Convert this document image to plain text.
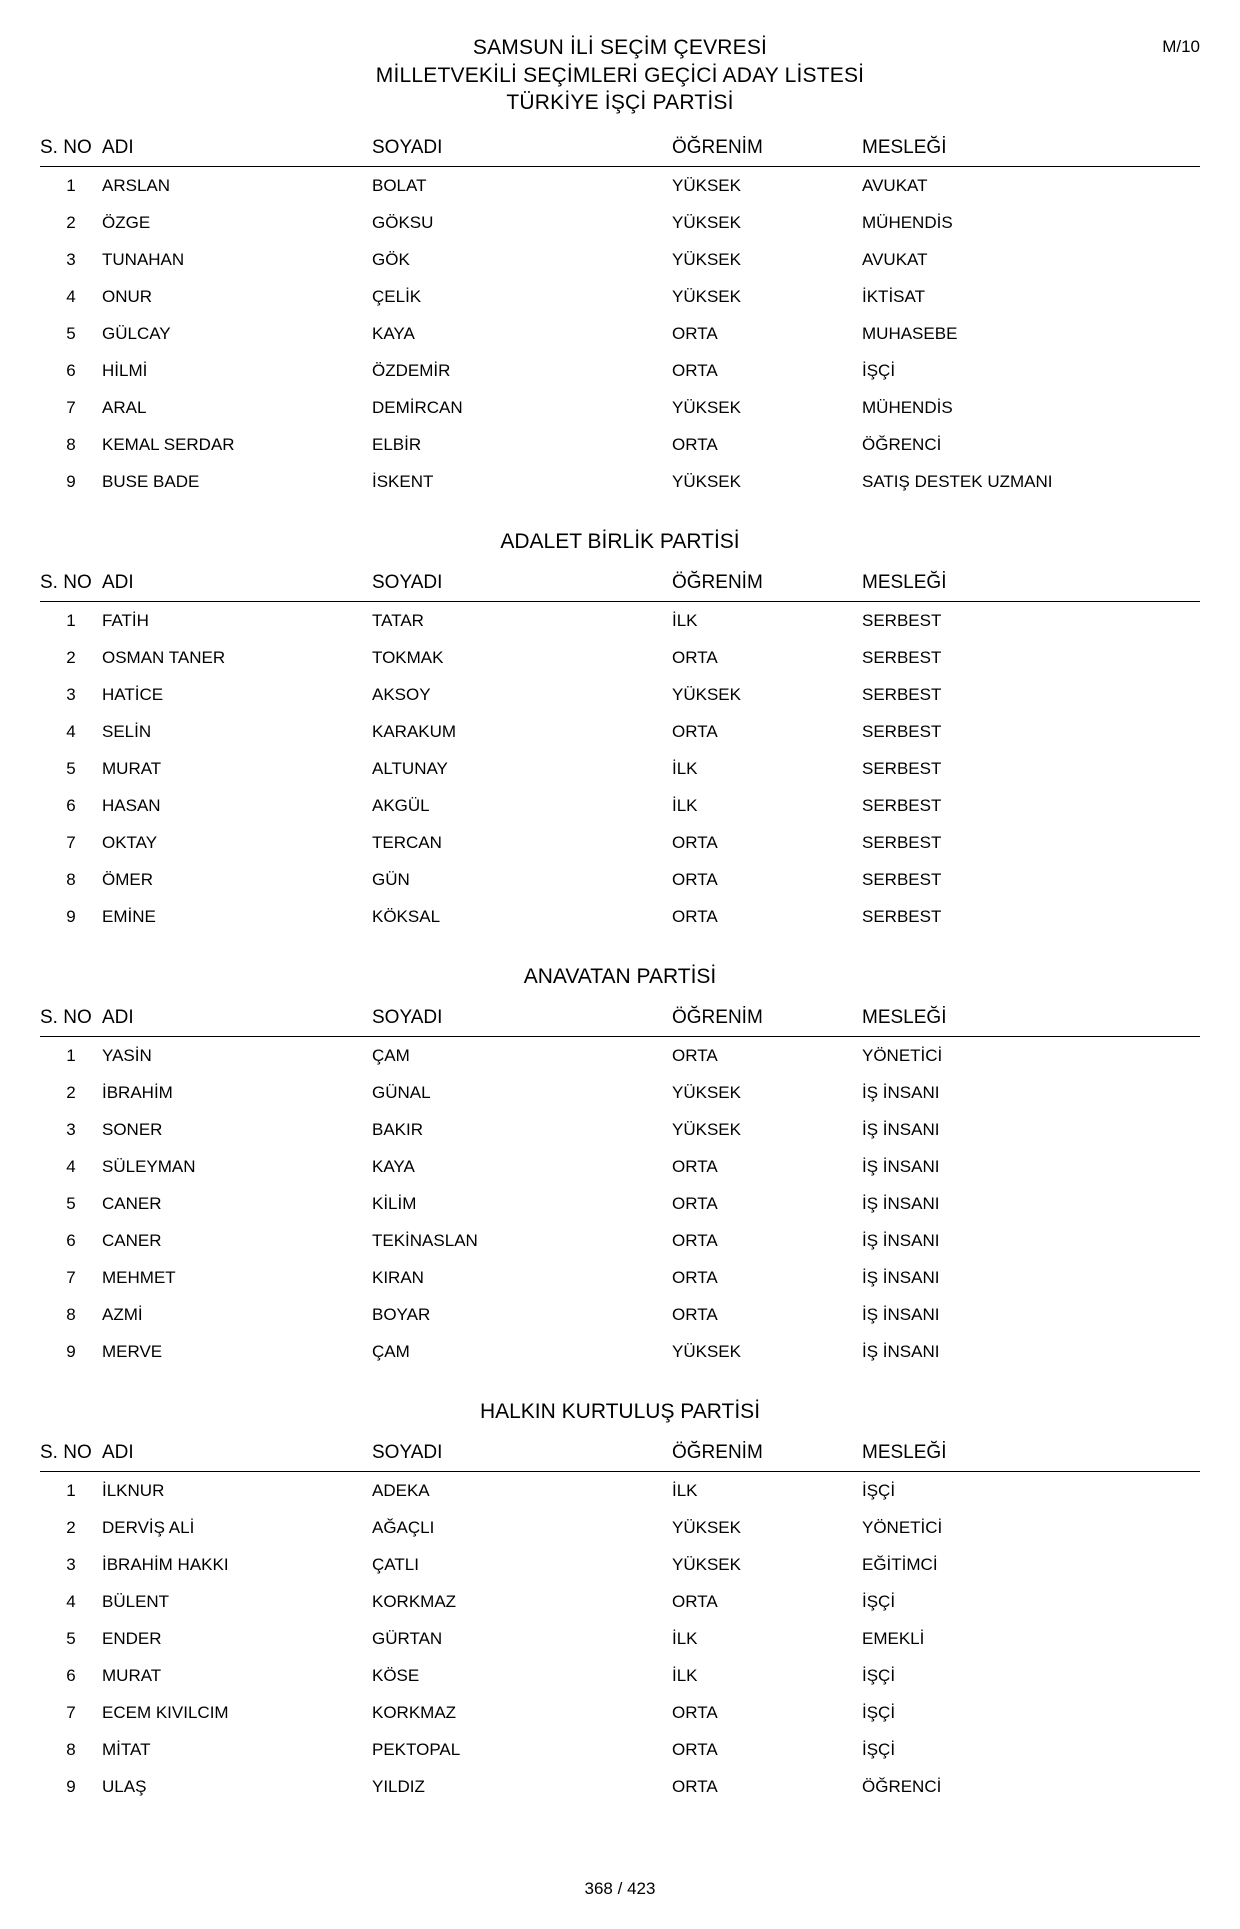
M/10
SAMSUN İLİ SEÇİM ÇEVRESİ
MİLLETVEKİLİ SEÇİMLERİ GEÇİCİ ADAY LİSTESİ
TÜRKİYE İŞÇİ PARTİSİ
S. NO	ADI	SOYADI	ÖĞRENİM	MESLEĞİ
1	ARSLAN	BOLAT	YÜKSEK	AVUKAT
2	ÖZGE	GÖKSU	YÜKSEK	MÜHENDİS
3	TUNAHAN	GÖK	YÜKSEK	AVUKAT
4	ONUR	ÇELİK	YÜKSEK	İKTİSAT
5	GÜLCAY	KAYA	ORTA	MUHASEBE
6	HİLMİ	ÖZDEMİR	ORTA	İŞÇİ
7	ARAL	DEMİRCAN	YÜKSEK	MÜHENDİS
8	KEMAL SERDAR	ELBİR	ORTA	ÖĞRENCİ
9	BUSE BADE	İSKENT	YÜKSEK	SATIŞ DESTEK UZMANI
ADALET BİRLİK PARTİSİ
S. NO	ADI	SOYADI	ÖĞRENİM	MESLEĞİ
1	FATİH	TATAR	İLK	SERBEST
2	OSMAN TANER	TOKMAK	ORTA	SERBEST
3	HATİCE	AKSOY	YÜKSEK	SERBEST
4	SELİN	KARAKUM	ORTA	SERBEST
5	MURAT	ALTUNAY	İLK	SERBEST
6	HASAN	AKGÜL	İLK	SERBEST
7	OKTAY	TERCAN	ORTA	SERBEST
8	ÖMER	GÜN	ORTA	SERBEST
9	EMİNE	KÖKSAL	ORTA	SERBEST
ANAVATAN PARTİSİ
S. NO	ADI	SOYADI	ÖĞRENİM	MESLEĞİ
1	YASİN	ÇAM	ORTA	YÖNETİCİ
2	İBRAHİM	GÜNAL	YÜKSEK	İŞ İNSANI
3	SONER	BAKIR	YÜKSEK	İŞ İNSANI
4	SÜLEYMAN	KAYA	ORTA	İŞ İNSANI
5	CANER	KİLİM	ORTA	İŞ İNSANI
6	CANER	TEKİNASLAN	ORTA	İŞ İNSANI
7	MEHMET	KIRAN	ORTA	İŞ İNSANI
8	AZMİ	BOYAR	ORTA	İŞ İNSANI
9	MERVE	ÇAM	YÜKSEK	İŞ İNSANI
HALKIN KURTULUŞ PARTİSİ
S. NO	ADI	SOYADI	ÖĞRENİM	MESLEĞİ
1	İLKNUR	ADEKA	İLK	İŞÇİ
2	DERVİŞ ALİ	AĞAÇLI	YÜKSEK	YÖNETİCİ
3	İBRAHİM HAKKI	ÇATLI	YÜKSEK	EĞİTİMCİ
4	BÜLENT	KORKMAZ	ORTA	İŞÇİ
5	ENDER	GÜRTAN	İLK	EMEKLİ
6	MURAT	KÖSE	İLK	İŞÇİ
7	ECEM KIVILCIM	KORKMAZ	ORTA	İŞÇİ
8	MİTAT	PEKTOPAL	ORTA	İŞÇİ
9	ULAŞ	YILDIZ	ORTA	ÖĞRENCİ
368 / 423
